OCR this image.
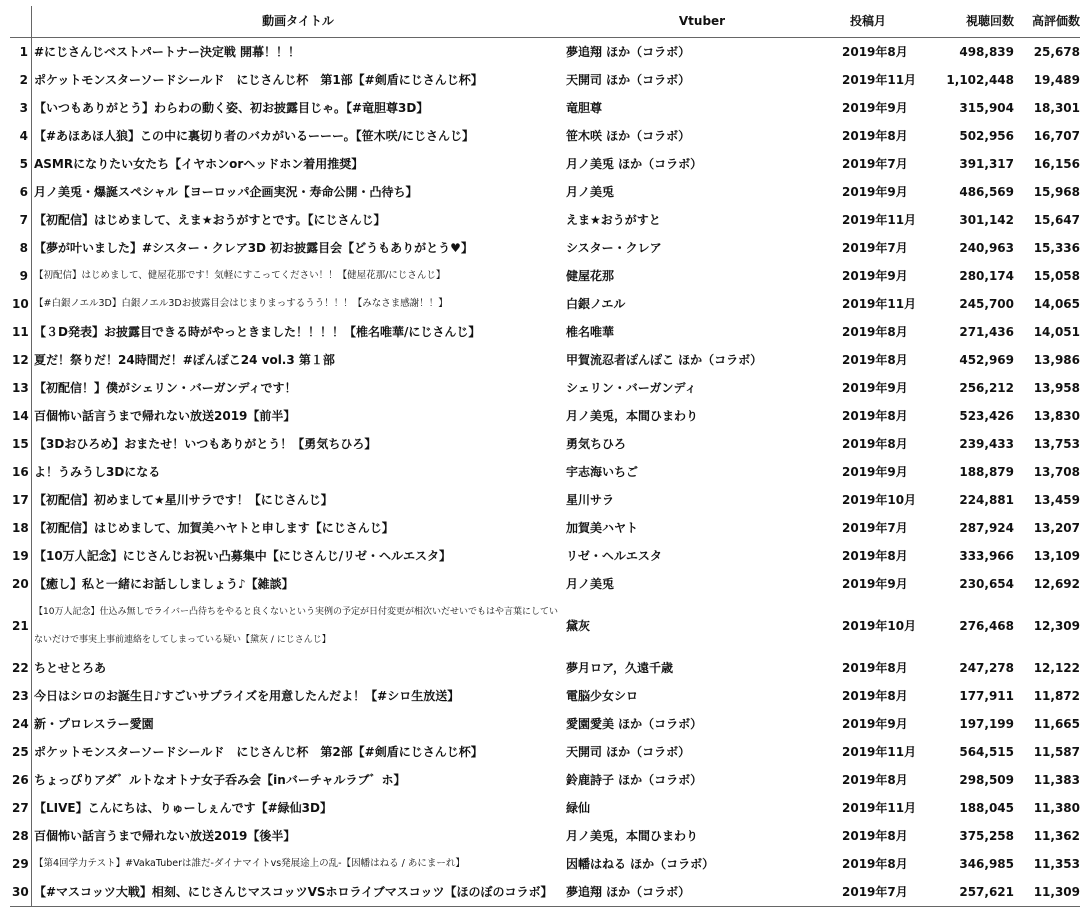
	動画タイトル	Vtuber	投稿月	視聴回数	高評価数
1	#にじさんじベストパートナー決定戦 開幕！！！	夢追翔 ほか（コラボ）	2019年8月	498,839	25,678
2	ポケットモンスターソードシールド　にじさんじ杯　第1部【#剣盾にじさんじ杯】	天開司 ほか（コラボ）	2019年11月	1,102,448	19,489
3	【いつもありがとう】わらわの動く姿、初お披露目じゃ。【#竜胆尊3D】	竜胆尊	2019年9月	315,904	18,301
4	【#あほあほ人狼】この中に裏切り者のバカがいるーーー。【笹木咲/にじさんじ】	笹木咲 ほか（コラボ）	2019年8月	502,956	16,707
5	ASMRになりたい女たち【イヤホンorヘッドホン着用推奨】	月ノ美兎 ほか（コラボ）	2019年7月	391,317	16,156
6	月ノ美兎・爆誕スペシャル【ヨーロッパ企画実況・寿命公開・凸待ち】	月ノ美兎	2019年9月	486,569	15,968
7	【初配信】はじめまして、えま★おうがすとです。【にじさんじ】	えま★おうがすと	2019年11月	301,142	15,647
8	【夢が叶いました】#シスター・クレア3D 初お披露目会【どうもありがとう♥】	シスター・クレア	2019年7月	240,963	15,336
9	【初配信】はじめまして、健屋花那です！気軽にすこってください！！【健屋花那/にじさんじ】	健屋花那	2019年9月	280,174	15,058
10	【#白銀ノエル3D】白銀ノエル3Dお披露目会はじまりまっするうう！！！【みなさま感謝！！】	白銀ノエル	2019年11月	245,700	14,065
11	【３D発表】お披露目できる時がやっときました！！！！【椎名唯華/にじさんじ】	椎名唯華	2019年8月	271,436	14,051
12	夏だ！祭りだ！24時間だ！#ぽんぽこ24 vol.3 第１部	甲賀流忍者ぽんぽこ ほか（コラボ）	2019年8月	452,969	13,986
13	【初配信！】僕がシェリン・バーガンディです！	シェリン・バーガンディ	2019年9月	256,212	13,958
14	百個怖い話言うまで帰れない放送2019【前半】	月ノ美兎，本間ひまわり	2019年8月	523,426	13,830
15	【3Dおひろめ】おまたせ！いつもありがとう！【勇気ちひろ】	勇気ちひろ	2019年8月	239,433	13,753
16	よ！うみうし3Dになる	宇志海いちご	2019年9月	188,879	13,708
17	【初配信】初めまして★星川サラです！【にじさんじ】	星川サラ	2019年10月	224,881	13,459
18	【初配信】はじめまして、加賀美ハヤトと申します【にじさんじ】	加賀美ハヤト	2019年7月	287,924	13,207
19	【10万人記念】にじさんじお祝い凸募集中【にじさんじ/リゼ・ヘルエスタ】	リゼ・ヘルエスタ	2019年8月	333,966	13,109
20	【癒し】私と一緒にお話ししましょう♪【雑談】	月ノ美兎	2019年9月	230,654	12,692
21	【10万人記念】仕込み無しでライバー凸待ちをやると良くないという実例の予定が日付変更が相次いだせいでもはや言葉にしていないだけで事実上事前連絡をしてしまっている疑い【黛灰 / にじさんじ】	黛灰	2019年10月	276,468	12,309
22	ちとせとろあ	夢月ロア，久遠千歳	2019年8月	247,278	12,122
23	今日はシロのお誕生日♪すごいサプライズを用意したんだよ！【#シロ生放送】	電脳少女シロ	2019年8月	177,911	11,872
24	新・プロレスラー愛園	愛園愛美 ほか（コラボ）	2019年9月	197,199	11,665
25	ポケットモンスターソードシールド　にじさんじ杯　第2部【#剣盾にじさんじ杯】	天開司 ほか（コラボ）	2019年11月	564,515	11,587
26	ちょっぴりアダ゛ルトなオトナ女子呑み会【inバーチャルラブ゛ホ】	鈴鹿詩子 ほか（コラボ）	2019年8月	298,509	11,383
27	【LIVE】こんにちは、りゅーしぇんです【#緑仙3D】	緑仙	2019年11月	188,045	11,380
28	百個怖い話言うまで帰れない放送2019【後半】	月ノ美兎，本間ひまわり	2019年8月	375,258	11,362
29	【第4回学力テスト】#VakaTuberは誰だ-ダイナマイトvs発展途上の乱-【因幡はねる / あにまーれ】	因幡はねる ほか（コラボ）	2019年8月	346,985	11,353
30	【#マスコッツ大戦】相刻、にじさんじマスコッツVSホロライブマスコッツ【ほのぼのコラボ】	夢追翔 ほか（コラボ）	2019年7月	257,621	11,309
